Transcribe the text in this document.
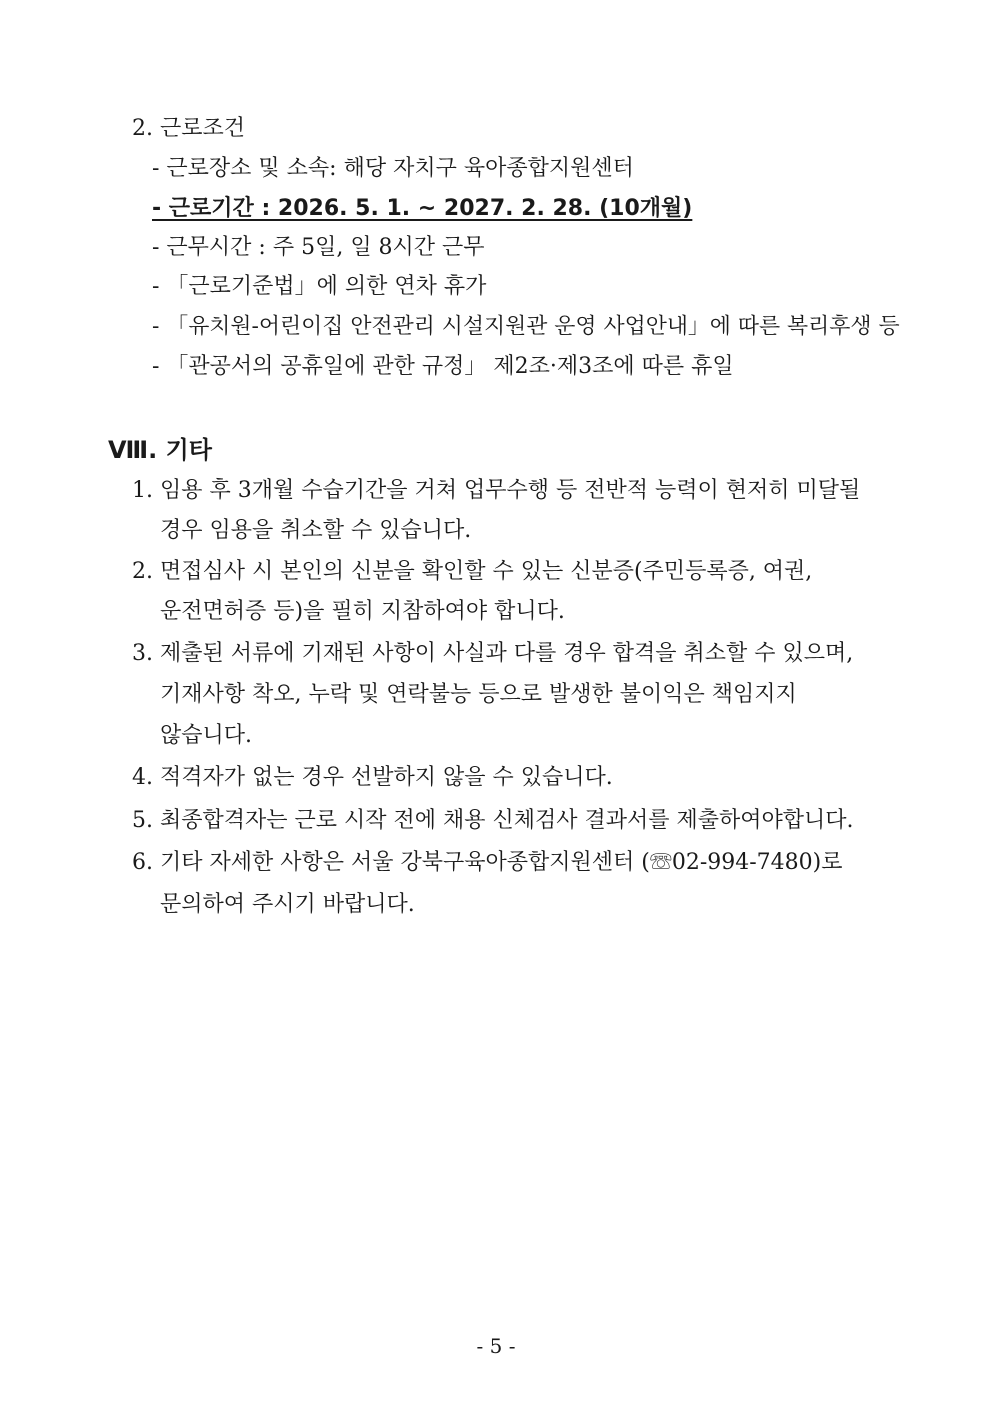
2. 근로조건
- 근로장소 및 소속: 해당 자치구 육아종합지원센터
- 근로기간 : 2026. 5. 1. ~ 2027. 2. 28. (10개월)
- 근무시간 : 주 5일, 일 8시간 근무
- 「근로기준법」에 의한 연차 휴가
- 「유치원-어린이집 안전관리 시설지원관 운영 사업안내」에 따른 복리후생 등
- 「관공서의 공휴일에 관한 규정」 제2조·제3조에 따른 휴일
Ⅷ. 기타
1. 임용 후 3개월 수습기간을 거쳐 업무수행 등 전반적 능력이 현저히 미달될
경우 임용을 취소할 수 있습니다.
2. 면접심사 시 본인의 신분을 확인할 수 있는 신분증(주민등록증, 여권,
운전면허증 등)을 필히 지참하여야 합니다.
3. 제출된 서류에 기재된 사항이 사실과 다를 경우 합격을 취소할 수 있으며,
기재사항 착오, 누락 및 연락불능 등으로 발생한 불이익은 책임지지
않습니다.
4. 적격자가 없는 경우 선발하지 않을 수 있습니다.
5. 최종합격자는 근로 시작 전에 채용 신체검사 결과서를 제출하여야합니다.
6. 기타 자세한 사항은 서울 강북구육아종합지원센터 (☏02-994-7480)로
문의하여 주시기 바랍니다.
- 5 -
